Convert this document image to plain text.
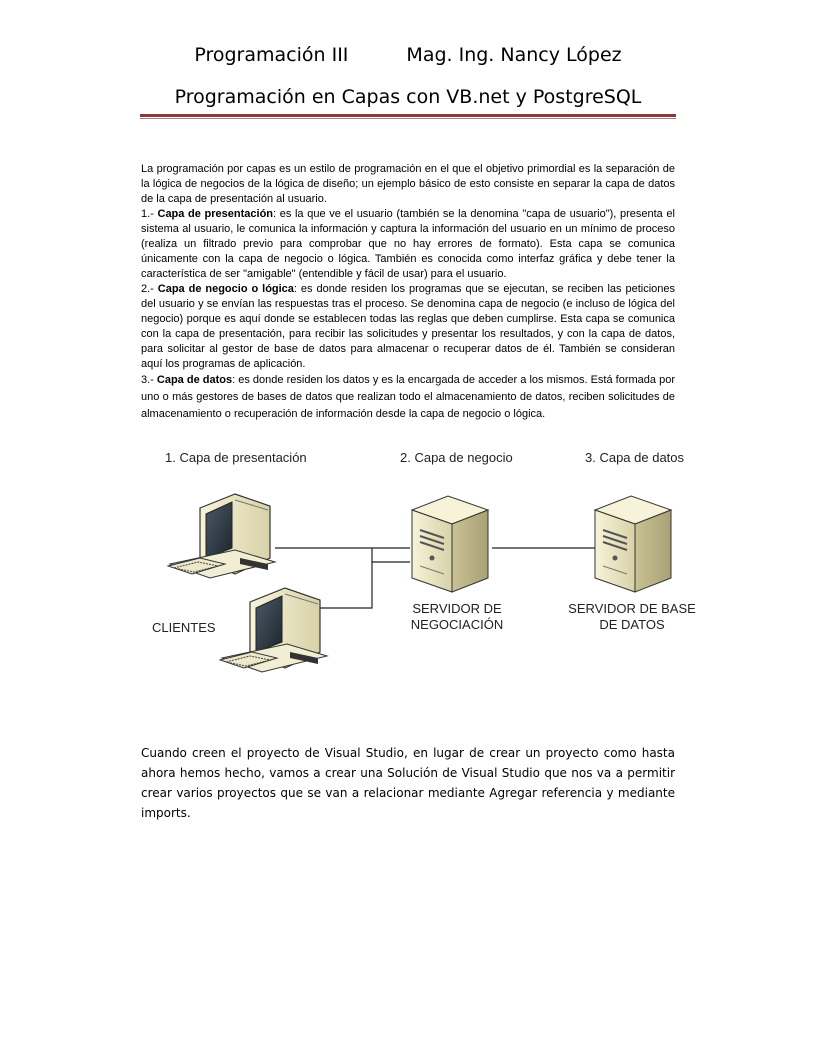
Programación III	Mag. Ing. Nancy López
Programación en Capas con VB.net y PostgreSQL

La programación por capas es un estilo de programación en el que el objetivo primordial es la separación de la lógica de negocios de la lógica de diseño; un ejemplo básico de esto consiste en separar la capa de datos de la capa de presentación al usuario.

1.- Capa de presentación: es la que ve el usuario (también se la denomina "capa de usuario"), presenta el sistema al usuario, le comunica la información y captura la información del usuario en un mínimo de proceso (realiza un filtrado previo para comprobar que no hay errores de formato). Esta capa se comunica únicamente con la capa de negocio o lógica. También es conocida como interfaz gráfica y debe tener la característica de ser "amigable" (entendible y fácil de usar) para el usuario.

2.- Capa de negocio o lógica: es donde residen los programas que se ejecutan, se reciben las peticiones del usuario y se envían las respuestas tras el proceso. Se denomina capa de negocio (e incluso de lógica del negocio) porque es aquí donde se establecen todas las reglas que deben cumplirse. Esta capa se comunica con la capa de presentación, para recibir las solicitudes y presentar los resultados, y con la capa de datos, para solicitar al gestor de base de datos para almacenar o recuperar datos de él. También se consideran aquí los programas de aplicación.

3.- Capa de datos: es donde residen los datos y es la encargada de acceder a los mismos. Está formada por uno o más gestores de bases de datos que realizan todo el almacenamiento de datos, reciben solicitudes de almacenamiento o recuperación de información desde la capa de negocio o lógica.

1. Capa de presentación	2. Capa de negocio	3. Capa de datos
CLIENTES
SERVIDOR DE
NEGOCIACIÓN
SERVIDOR DE BASE
DE DATOS

Cuando creen el proyecto de Visual Studio, en lugar de crear un proyecto como hasta ahora hemos hecho, vamos a crear una Solución de Visual Studio que nos va a permitir crear varios proyectos que se van a relacionar mediante Agregar referencia y mediante imports.
